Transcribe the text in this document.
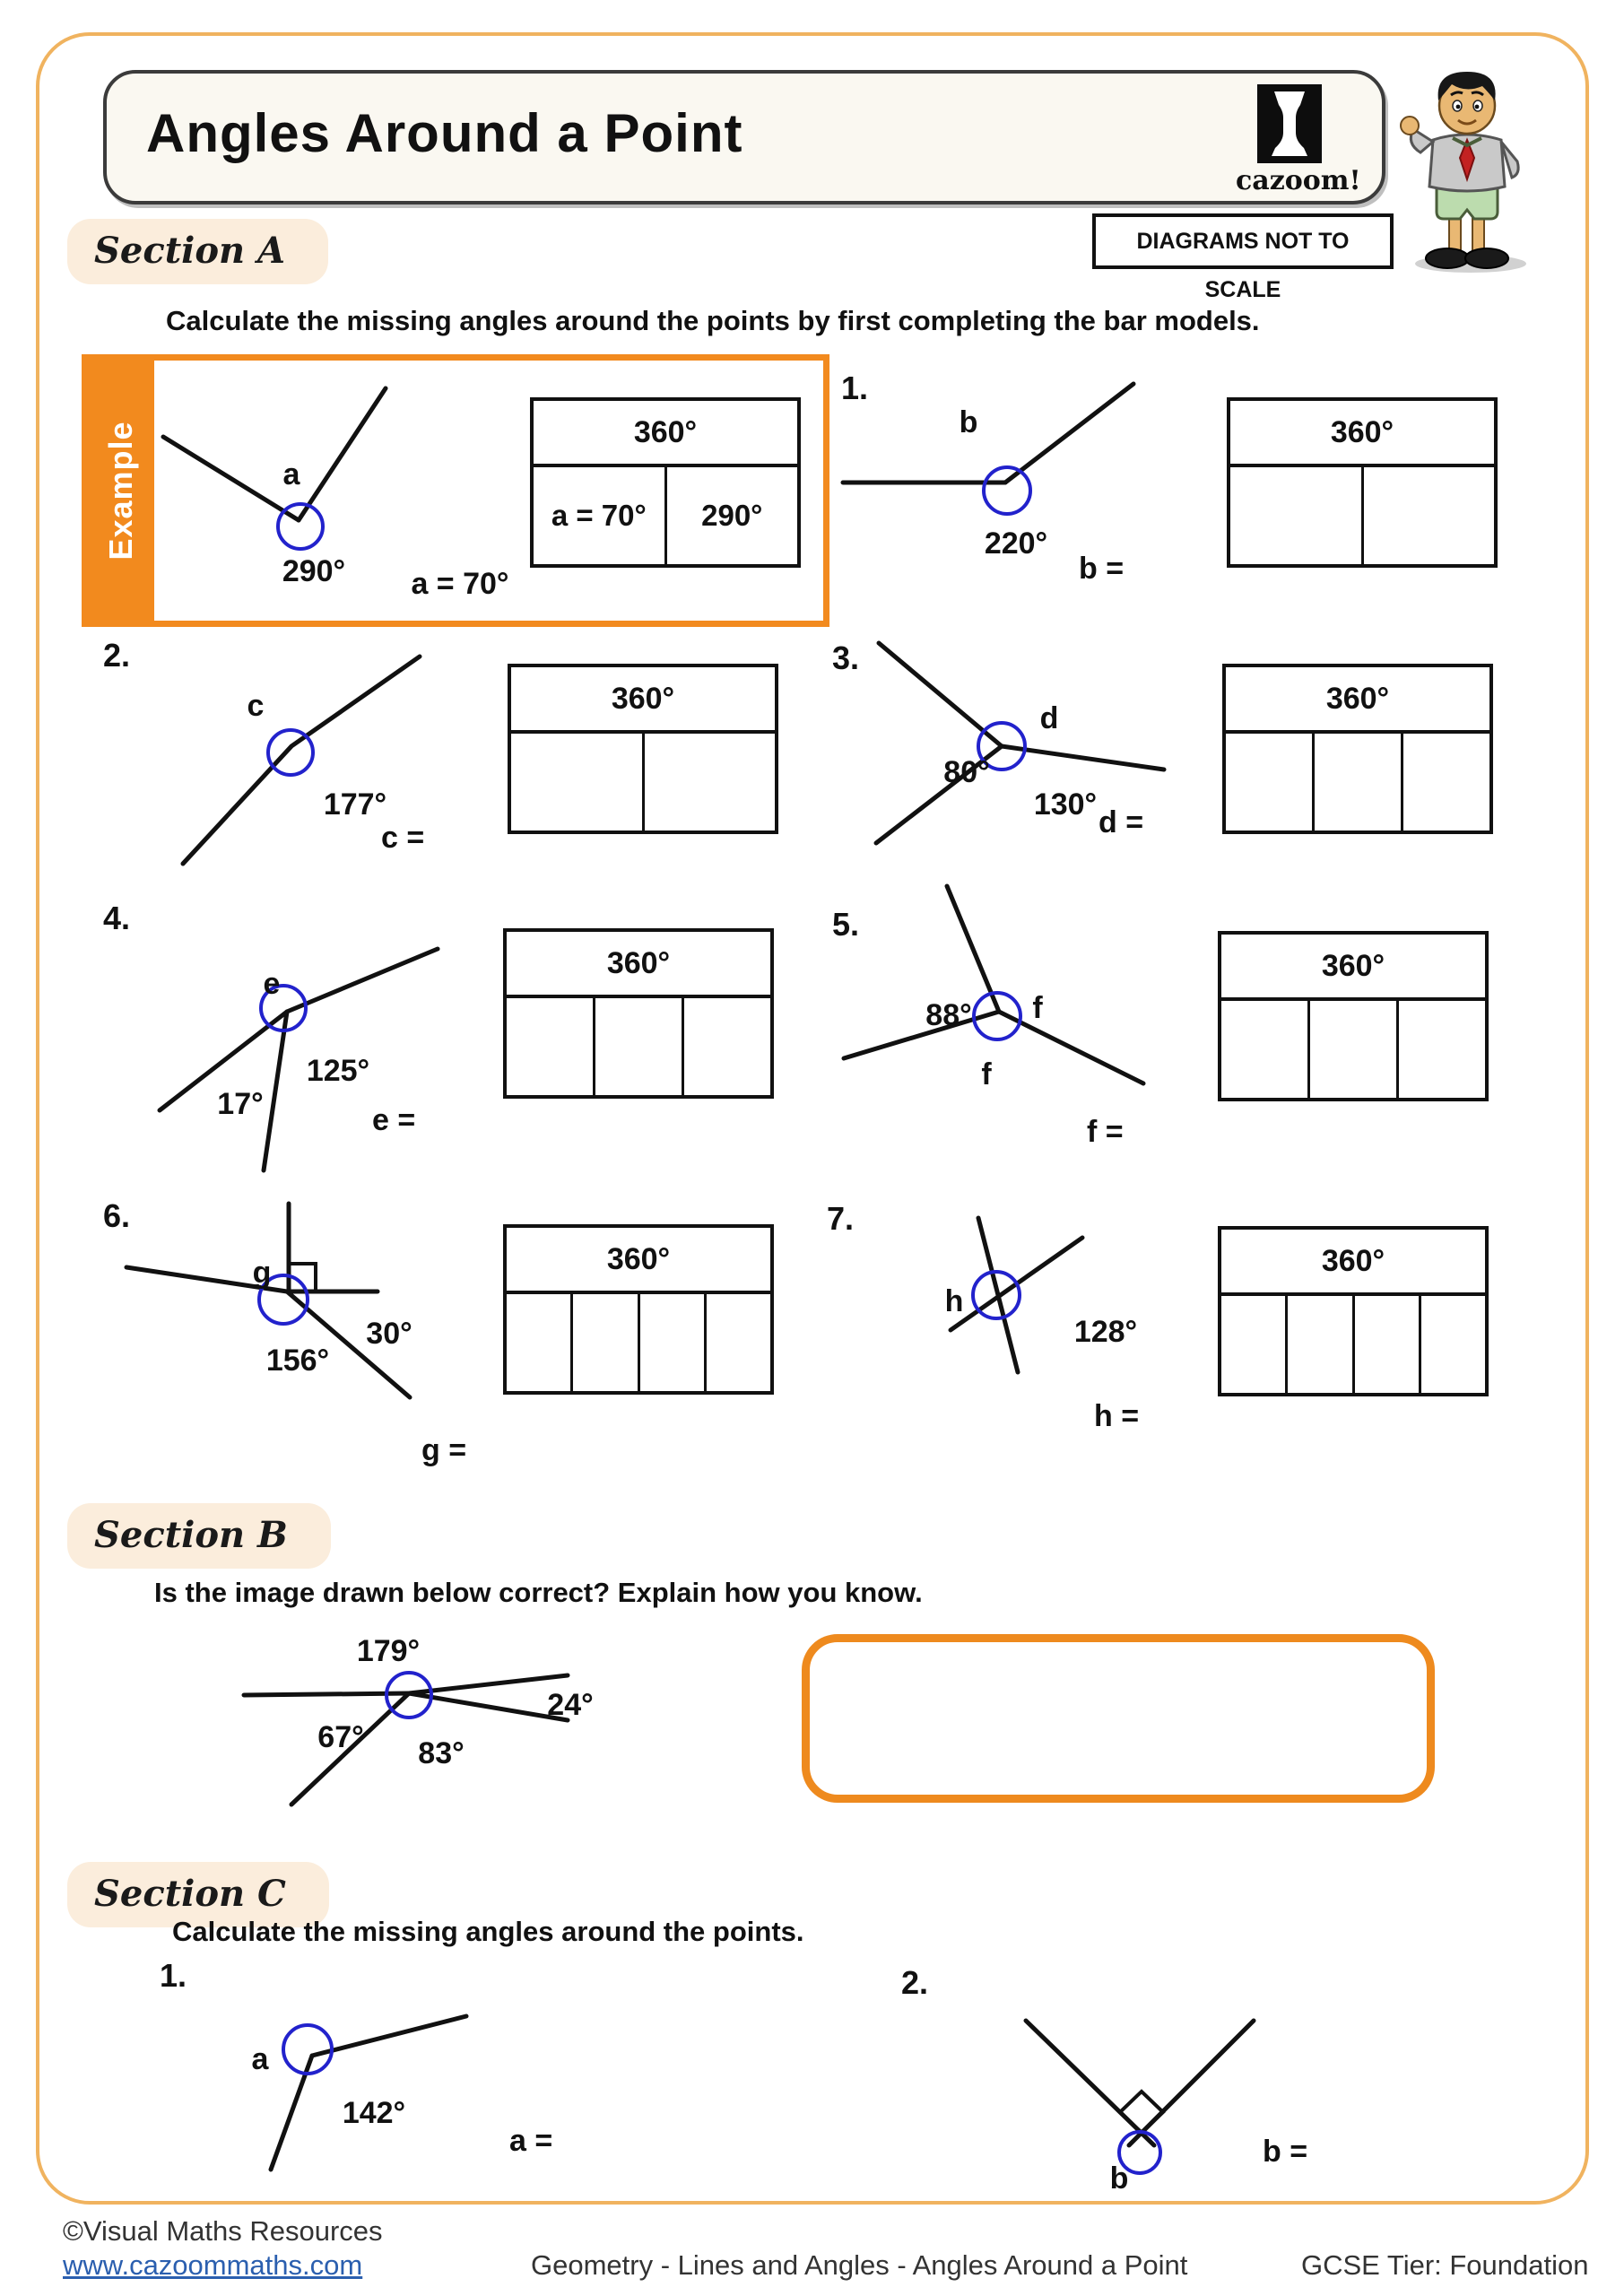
Angles Around a Point
cazoom!
DIAGRAMS NOT TO SCALE
Section A
Calculate the missing angles around the points by first completing the bar models.
Example	a
290° a = 70°
360°
a = 70°	290°
1.
b
220°
b =
360°
2.
c
177°
c =
360°
3.
d
80°
130°
d =
360°
4.
e
125°
17°	e =
360°
5.
88° f
f
f =
360°
6.
g
30°
156°
g =
360°
7.
h
128°
h =
360°
Section B
Is the image drawn below correct? Explain how you know.
179°
24°
67° 83°
Section C
Calculate the missing angles around the points.
1.
a
142°
a =
2.
b
b =
©Visual Maths Resources
www.cazoommaths.com	Geometry - Lines and Angles - Angles Around a Point	GCSE Tier: Foundation
